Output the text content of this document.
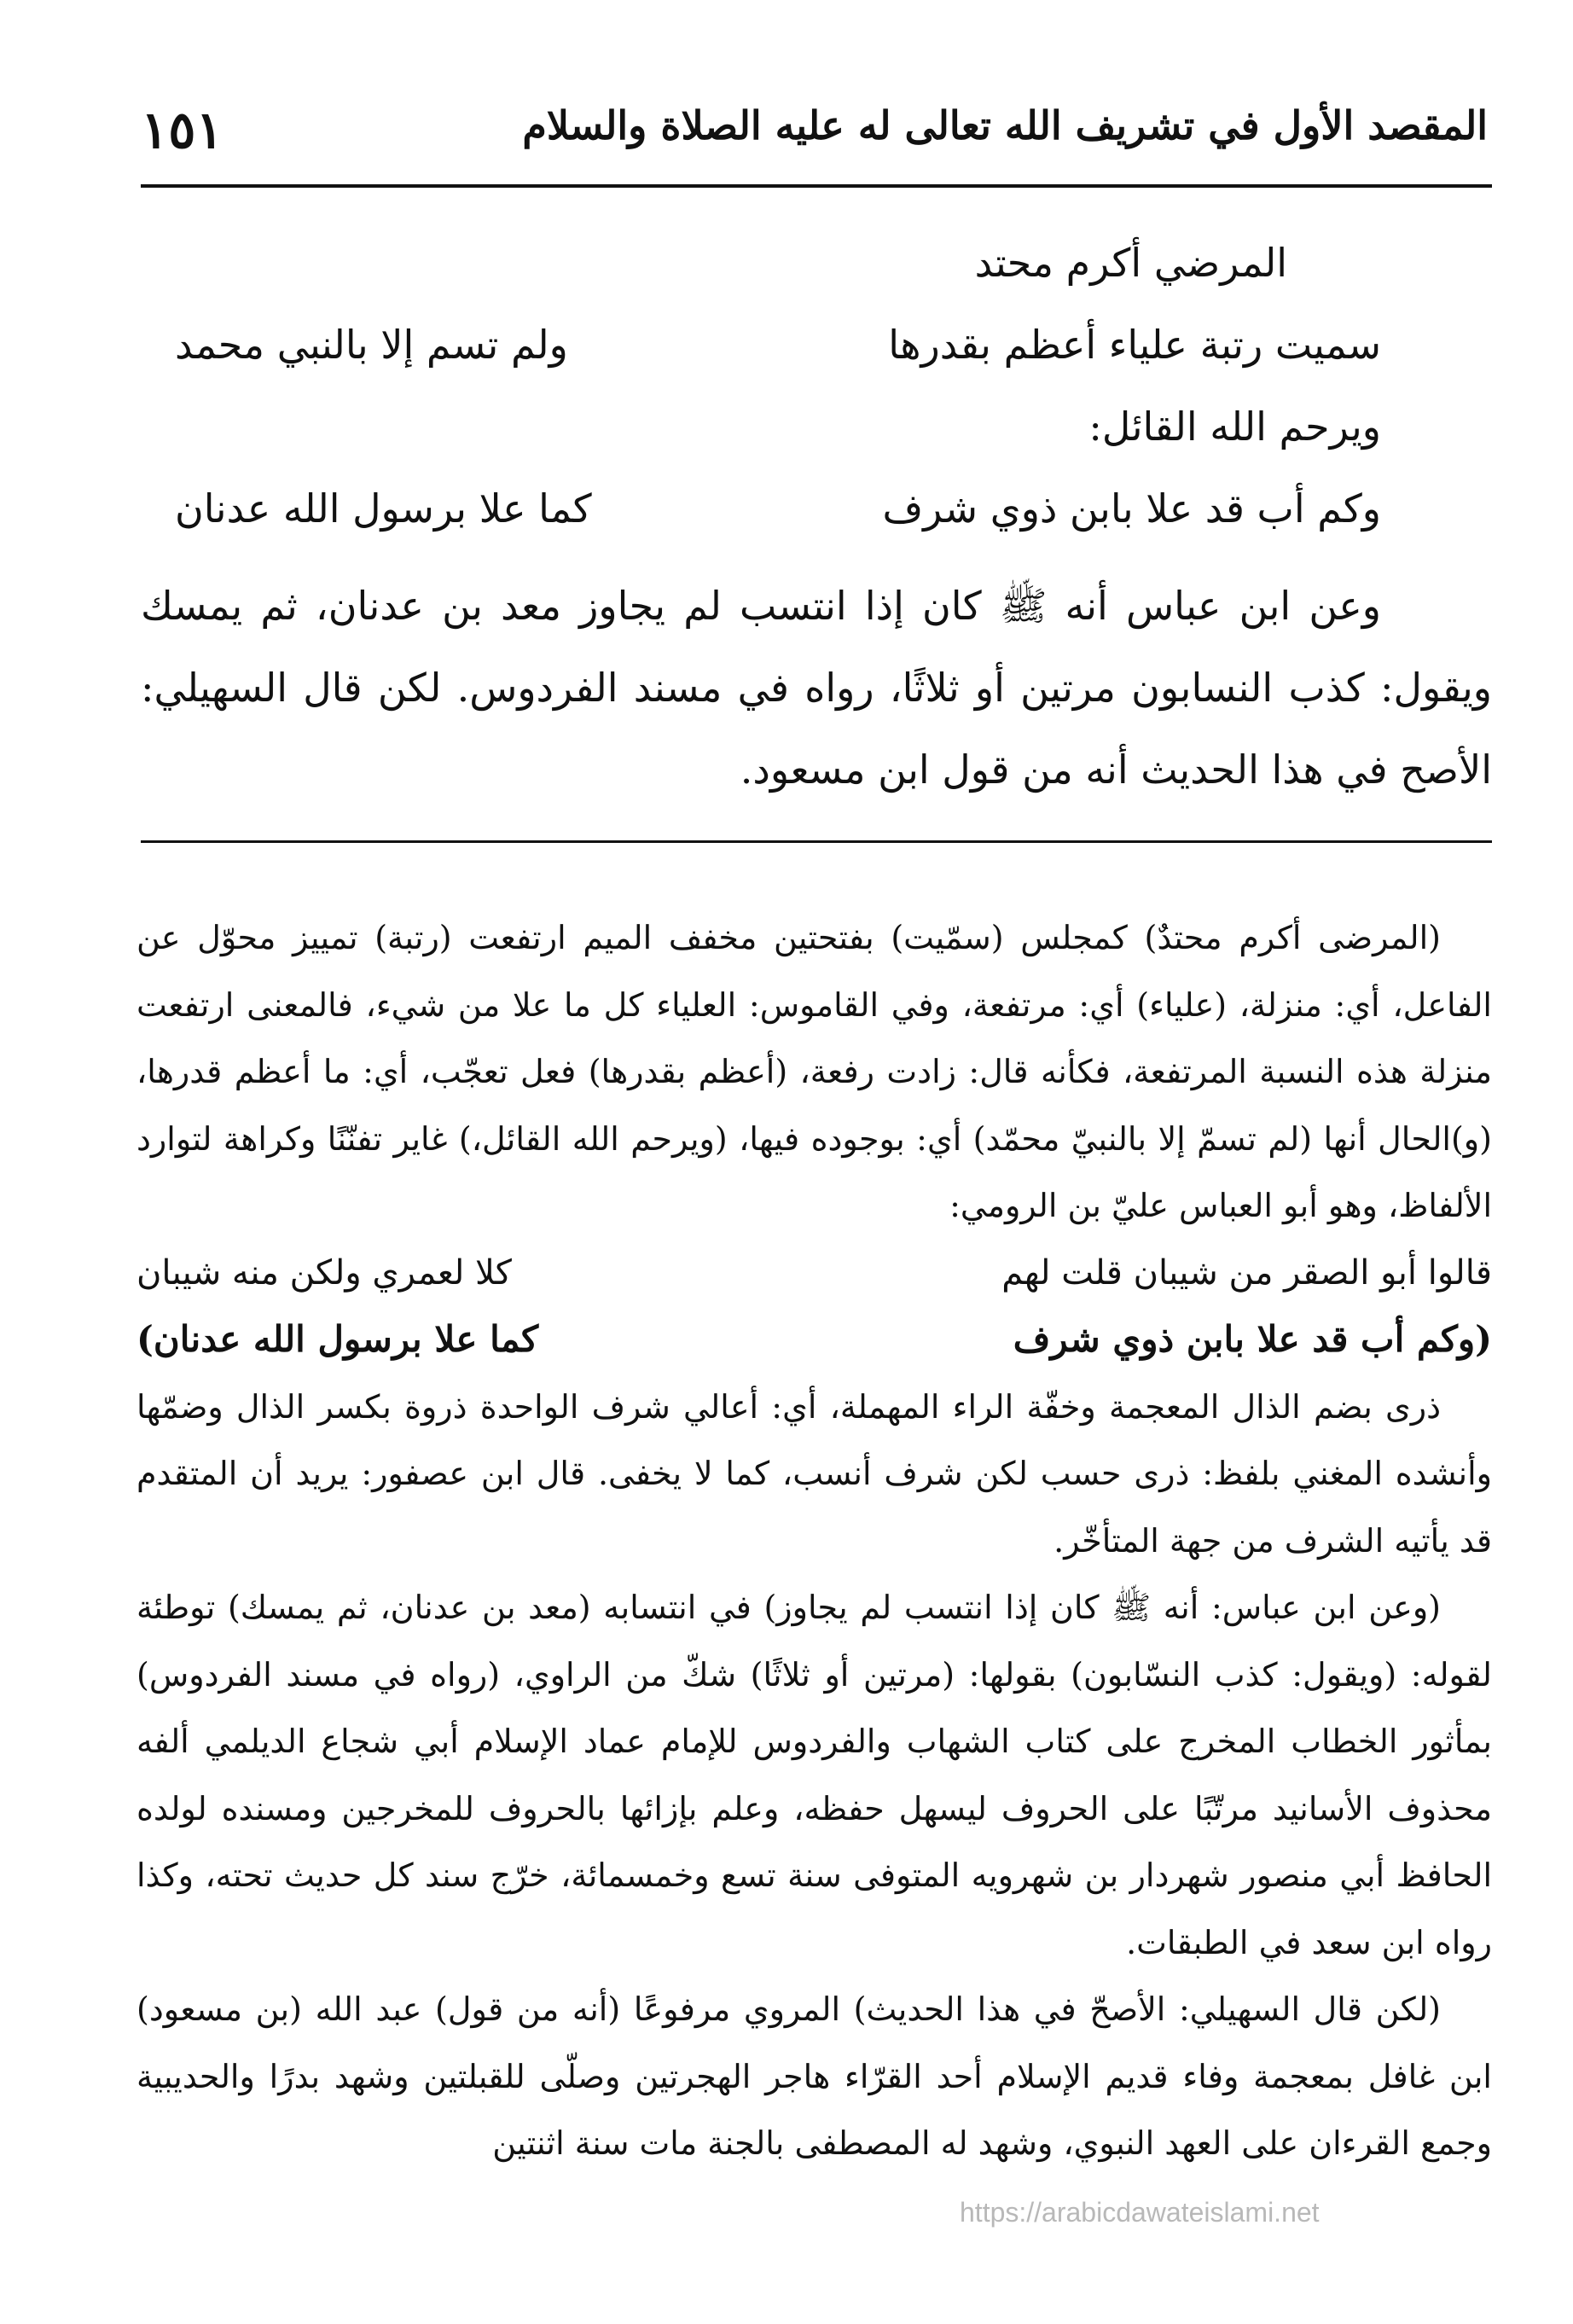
١٥١	المقصد الأول في تشريف الله تعالى له عليه الصلاة والسلام
المرضي أكرم محتد
سميت رتبة علياء أعظم بقدرها
ولم تسم إلا بالنبي محمد
ويرحم الله القائل:
وكم أب قد علا بابن ذوي شرف
كما علا برسول الله عدنان
وعن ابن عباس أنه ﷺ كان إذا انتسب لم يجاوز معد بن عدنان، ثم يمسك ويقول: كذب النسابون مرتين أو ثلاثًا، رواه في مسند الفردوس. لكن قال السهيلي: الأصح في هذا الحديث أنه من قول ابن مسعود.

(المرضى أكرم محتدٌ) كمجلس (سمّيت) بفتحتين مخفف الميم ارتفعت (رتبة) تمييز محوّل عن الفاعل، أي: منزلة، (علياء) أي: مرتفعة، وفي القاموس: العلياء كل ما علا من شيء، فالمعنى ارتفعت منزلة هذه النسبة المرتفعة، فكأنه قال: زادت رفعة، (أعظم بقدرها) فعل تعجّب، أي: ما أعظم قدرها، (و)الحال أنها (لم تسمّ إلا بالنبيّ محمّد) أي: بوجوده فيها، (ويرحم الله القائل،) غاير تفنّنًا وكراهة لتوارد الألفاظ، وهو أبو العباس عليّ بن الرومي:

قالوا أبو الصقر من شيبان قلت لهم
كلا لعمري ولكن منه شيبان
(وكم أب قد علا بابن ذوي شرف
كما علا برسول الله عدنان)

ذرى بضم الذال المعجمة وخفّة الراء المهملة، أي: أعالي شرف الواحدة ذروة بكسر الذال وضمّها وأنشده المغني بلفظ: ذرى حسب لكن شرف أنسب، كما لا يخفى. قال ابن عصفور: يريد أن المتقدم قد يأتيه الشرف من جهة المتأخّر.

(وعن ابن عباس: أنه ﷺ كان إذا انتسب لم يجاوز) في انتسابه (معد بن عدنان، ثم يمسك) توطئة لقوله: (ويقول: كذب النسّابون) بقولها: (مرتين أو ثلاثًا) شكّ من الراوي، (رواه في مسند الفردوس) بمأثور الخطاب المخرج على كتاب الشهاب والفردوس للإمام عماد الإسلام أبي شجاع الديلمي ألفه محذوف الأسانيد مرتّبًا على الحروف ليسهل حفظه، وعلم بإزائها بالحروف للمخرجين ومسنده لولده الحافظ أبي منصور شهردار بن شهرويه المتوفى سنة تسع وخمسمائة، خرّج سند كل حديث تحته، وكذا رواه ابن سعد في الطبقات.

(لكن قال السهيلي: الأصحّ في هذا الحديث) المروي مرفوعًا (أنه من قول) عبد الله (بن مسعود) ابن غافل بمعجمة وفاء قديم الإسلام أحد القرّاء هاجر الهجرتين وصلّى للقبلتين وشهد بدرًا والحديبية وجمع القرءان على العهد النبوي، وشهد له المصطفى بالجنة مات سنة اثنتين

https://arabicdawateislami.net
